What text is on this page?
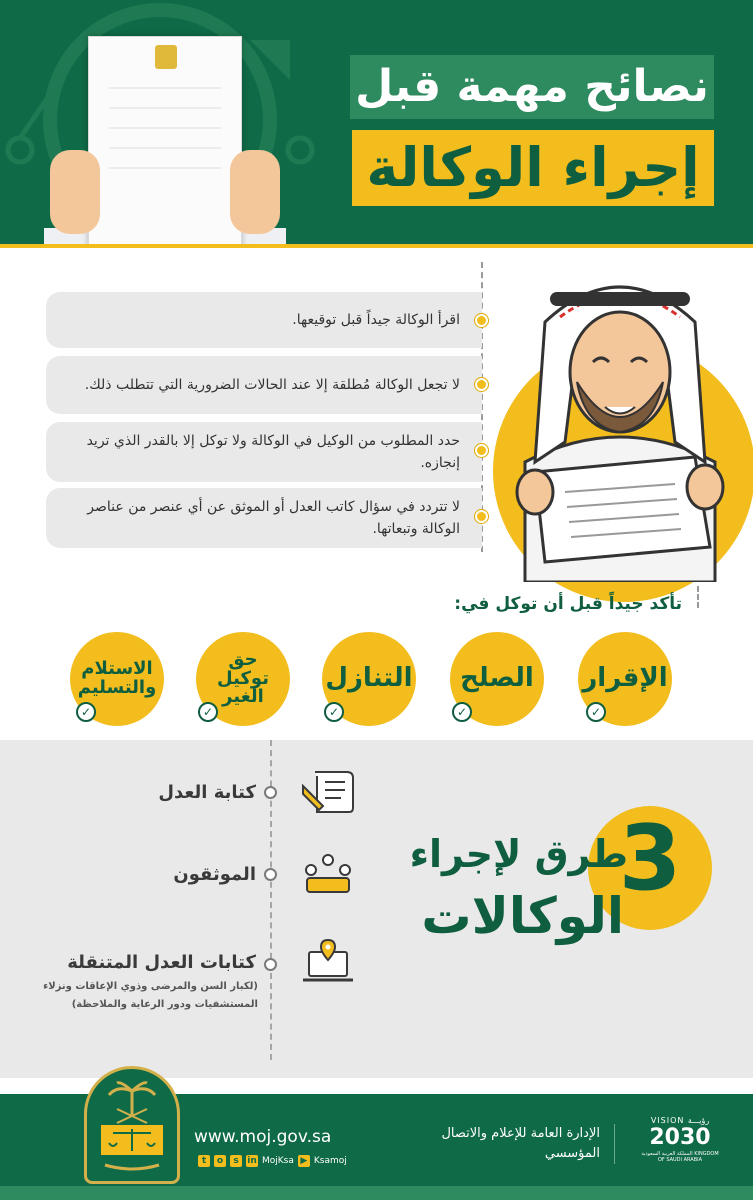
نصائح مهمة قبل
إجراء الوكالة
اقرأ الوكالة جيداً قبل توقيعها.
لا تجعل الوكالة مُطلقة إلا عند الحالات الضرورية التي تتطلب ذلك.
حدد المطلوب من الوكيل في الوكالة ولا توكل إلا بالقدر الذي تريد إنجازه.
لا تتردد في سؤال كاتب العدل أو الموثق عن أي عنصر من عناصر الوكالة وتبعاتها.
تأكد جيداً قبل أن توكل في:
الإقرار
✓
الصلح
✓
التنازل
✓
حق توكيل الغير
✓
الاستلام والتسليم
✓
كتابة العدل
الموثقون
كتابات العدل المتنقلة
(لكبار السن والمرضى وذوي الإعاقات ونزلاء المستشفيات ودور الرعاية والملاحظة)
3
طرق لإجراء
الوكالات
www.moj.gov.sa
t	o	s in MojKsa ▶ Ksamoj
الإدارة العامة للإعلام والاتصال المؤسسي
VISION رؤيـــة
2030
المملكة العربية السعودية KINGDOM OF SAUDI ARABIA
